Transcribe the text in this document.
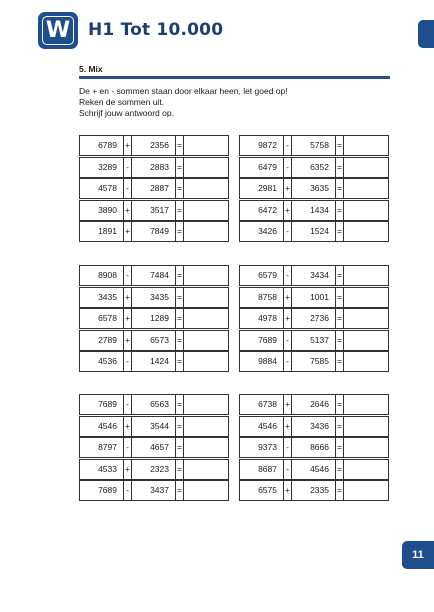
W H1 Tot 10.000
5. Mix
De + en - sommen staan door elkaar heen, let goed op!
Reken de sommen uit.
Schrijf jouw antwoord op.
6789 +	2356 =
3289	-	2883 =
4578	-	2887 =
3890 +	3517 =
1891 +	7849 =
9872	-	5758 =
6479	-	6352 =
2981 +	3635 =
6472 +	1434 =
3426	-	1524 =
8908	-	7484 =
3435 +	3435 =
6578 +	1289 =
2789 +	6573 =
4536	-	1424 =
6579	-	3434 =
8758 +	1001 =
4978 +	2736 =
7689	-	5137 =
9884	-	7585 =
7689	-	6563 =
4546 +	3544 =
8797	-	4657 =
4533 +	2323 =
7689	-	3437 =
6738 +	2646 =
4546 +	3436 =
9373	-	8666 =
8687	-	4546 =
6575 +	2335 =
11
